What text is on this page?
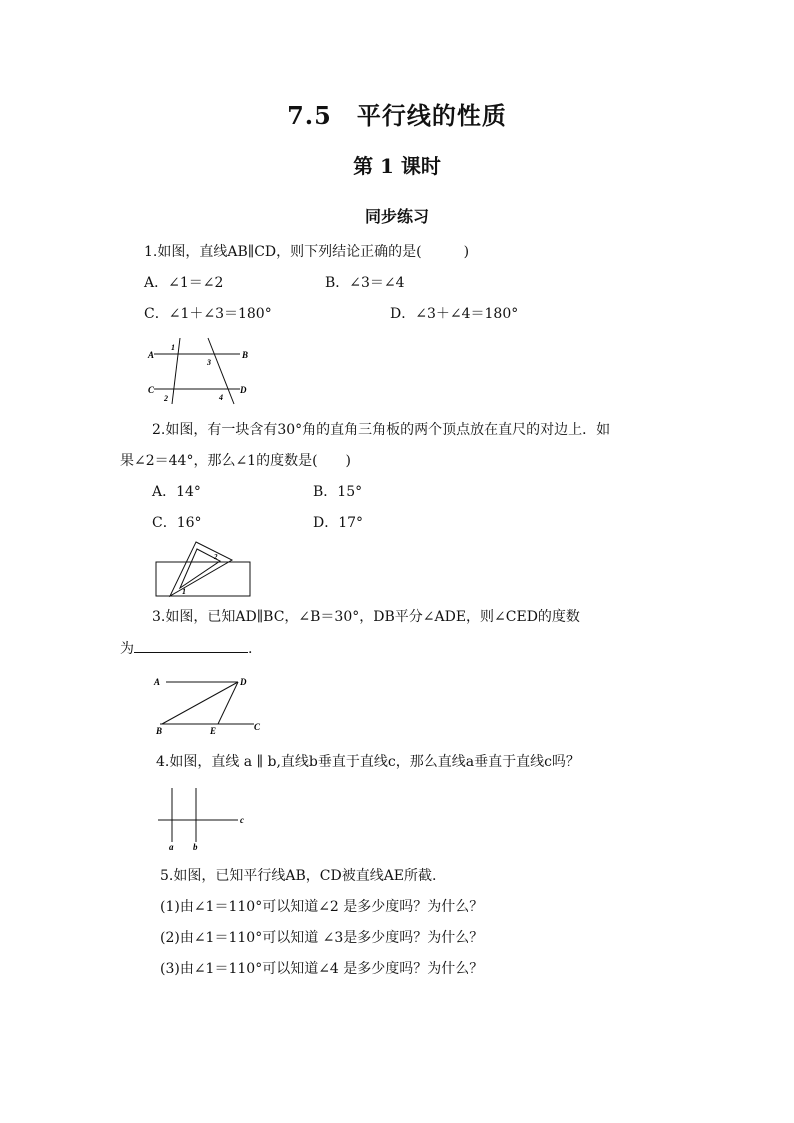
7.5　平行线的性质
第 1 课时
同步练习
1.如图，直线AB∥CD，则下列结论正确的是(　　　)
A．∠1＝∠2	B．∠3＝∠4
C．∠1＋∠3＝180°	D．∠3＋∠4＝180°
A	B
C	D
1
2
3
4
2.如图，有一块含有30°角的直角三角板的两个顶点放在直尺的对边上．如
果∠2＝44°，那么∠1的度数是(　　)
A．14°	B．15°
C．16°	D．17°
2
1
3.如图，已知AD∥BC，∠B＝30°，DB平分∠ADE，则∠CED的度数
为	.
A	D
B	E	C
4.如图，直线 a ∥ b,直线b垂直于直线c，那么直线a垂直于直线c吗？
c
a b
5.如图，已知平行线AB，CD被直线AE所截.
(1)由∠1＝110°可以知道∠2 是多少度吗？为什么？
(2)由∠1＝110°可以知道 ∠3是多少度吗？为什么？
(3)由∠1＝110°可以知道∠4 是多少度吗？为什么？
